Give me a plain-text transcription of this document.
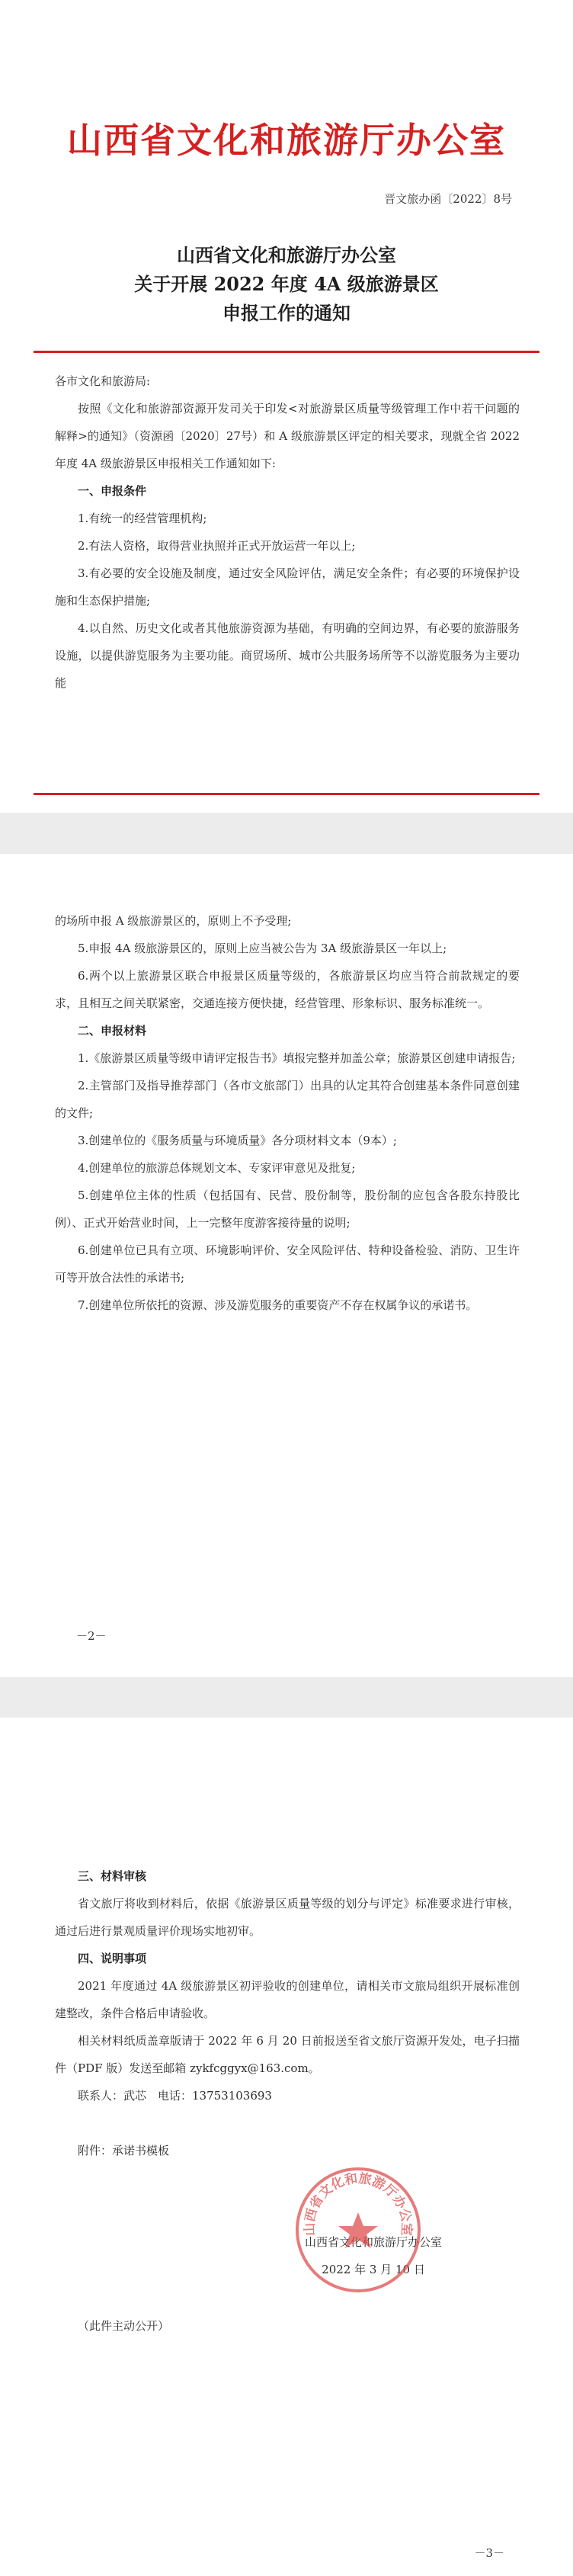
山西省文化和旅游厅办公室
晋文旅办函〔2022〕8号
山西省文化和旅游厅办公室
关于开展 2022 年度 4A 级旅游景区
申报工作的通知

各市文化和旅游局:

按照《文化和旅游部资源开发司关于印发<对旅游景区质量等级管理工作中若干问题的解释>的通知》（资源函〔2020〕27号）和 A 级旅游景区评定的相关要求，现就全省 2022 年度 4A 级旅游景区申报相关工作通知如下:

一、申报条件

1.有统一的经营管理机构;

2.有法人资格，取得营业执照并正式开放运营一年以上;

3.有必要的安全设施及制度，通过安全风险评估，满足安全条件；有必要的环境保护设施和生态保护措施;

4.以自然、历史文化或者其他旅游资源为基础，有明确的空间边界，有必要的旅游服务设施，以提供游览服务为主要功能。商贸场所、城市公共服务场所等不以游览服务为主要功能

的场所申报 A 级旅游景区的，原则上不予受理;

5.申报 4A 级旅游景区的，原则上应当被公告为 3A 级旅游景区一年以上;

6.两个以上旅游景区联合申报景区质量等级的，各旅游景区均应当符合前款规定的要求，且相互之间关联紧密，交通连接方便快捷，经营管理、形象标识、服务标准统一。

二、申报材料

1.《旅游景区质量等级申请评定报告书》填报完整并加盖公章；旅游景区创建申请报告;

2.主管部门及指导推荐部门（各市文旅部门）出具的认定其符合创建基本条件同意创建的文件;

3.创建单位的《服务质量与环境质量》各分项材料文本（9本）;

4.创建单位的旅游总体规划文本、专家评审意见及批复;

5.创建单位主体的性质（包括国有、民营、股份制等，股份制的应包含各股东持股比例）、正式开始营业时间，上一完整年度游客接待量的说明;

6.创建单位已具有立项、环境影响评价、安全风险评估、特种设备检验、消防、卫生许可等开放合法性的承诺书;

7.创建单位所依托的资源、涉及游览服务的重要资产不存在权属争议的承诺书。

－2－

三、材料审核

省文旅厅将收到材料后，依据《旅游景区质量等级的划分与评定》标准要求进行审核，通过后进行景观质量评价现场实地初审。

四、说明事项

2021 年度通过 4A 级旅游景区初评验收的创建单位，请相关市文旅局组织开展标准创建整改，条件合格后申请验收。

相关材料纸质盖章版请于 2022 年 6 月 20 日前报送至省文旅厅资源开发处，电子扫描件（PDF 版）发送至邮箱 zykfcggyx@163.com。

联系人：武芯　电话：13753103693

附件：承诺书模板

山西省文化和旅游厅办公室
2022 年 3 月 10 日

（此件主动公开）

－3－
山西省文化和旅游厅办公室
